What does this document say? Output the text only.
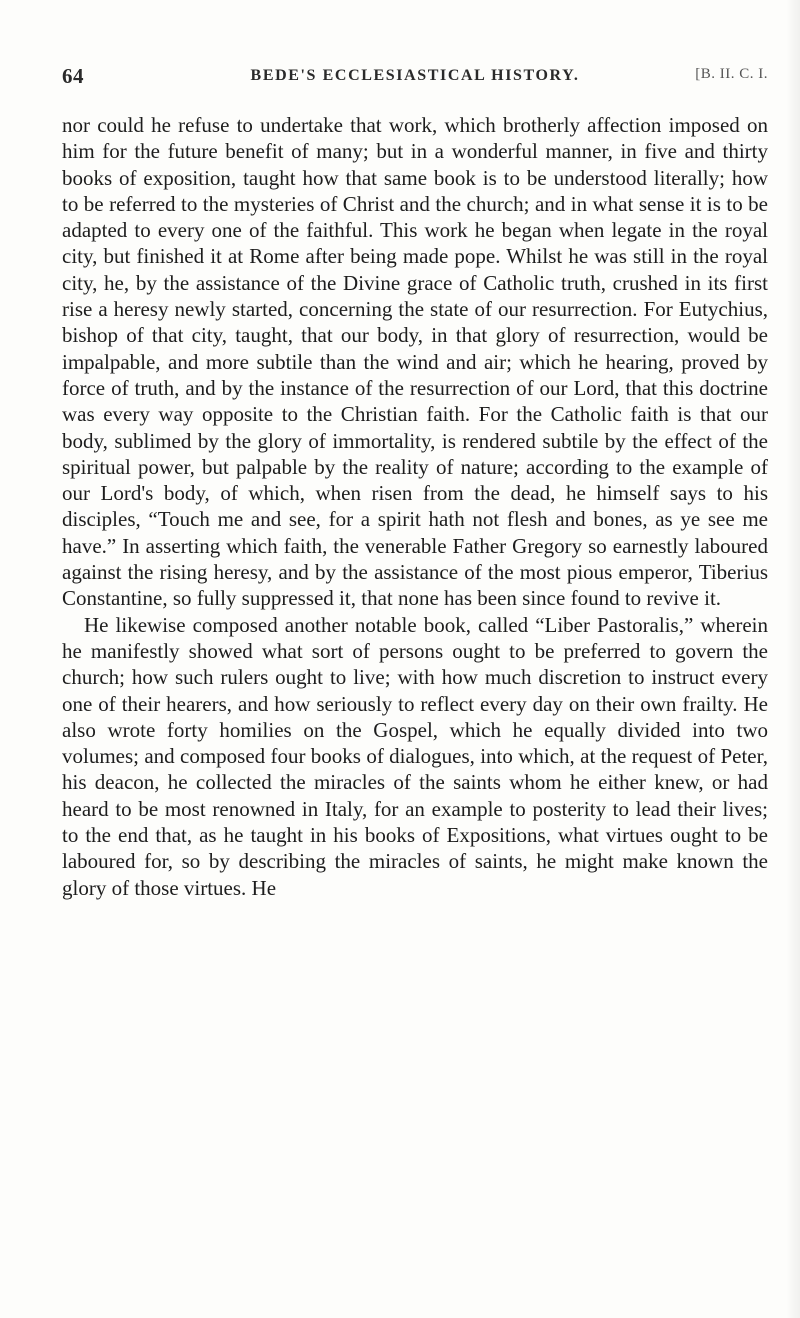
64	BEDE'S ECCLESIASTICAL HISTORY.	[B. II. C. I.

nor could he refuse to undertake that work, which brotherly affection imposed on him for the future benefit of many; but in a wonderful manner, in five and thirty books of exposition, taught how that same book is to be understood literally; how to be referred to the mysteries of Christ and the church; and in what sense it is to be adapted to every one of the faithful. This work he began when legate in the royal city, but finished it at Rome after being made pope. Whilst he was still in the royal city, he, by the assistance of the Divine grace of Catholic truth, crushed in its first rise a heresy newly started, concerning the state of our resurrection. For Eutychius, bishop of that city, taught, that our body, in that glory of resurrection, would be impalpable, and more subtile than the wind and air; which he hearing, proved by force of truth, and by the instance of the resurrection of our Lord, that this doctrine was every way opposite to the Christian faith. For the Catholic faith is that our body, sublimed by the glory of immortality, is rendered subtile by the effect of the spiritual power, but palpable by the reality of nature; according to the example of our Lord's body, of which, when risen from the dead, he himself says to his disciples, “Touch me and see, for a spirit hath not flesh and bones, as ye see me have.” In asserting which faith, the venerable Father Gregory so earnestly laboured against the rising heresy, and by the assistance of the most pious emperor, Tiberius Constantine, so fully suppressed it, that none has been since found to revive it.

He likewise composed another notable book, called “Liber Pastoralis,” wherein he manifestly showed what sort of persons ought to be preferred to govern the church; how such rulers ought to live; with how much discretion to instruct every one of their hearers, and how seriously to reflect every day on their own frailty. He also wrote forty homilies on the Gospel, which he equally divided into two volumes; and composed four books of dialogues, into which, at the request of Peter, his deacon, he collected the miracles of the saints whom he either knew, or had heard to be most renowned in Italy, for an example to posterity to lead their lives; to the end that, as he taught in his books of Expositions, what virtues ought to be laboured for, so by describing the miracles of saints, he might make known the glory of those virtues. He
